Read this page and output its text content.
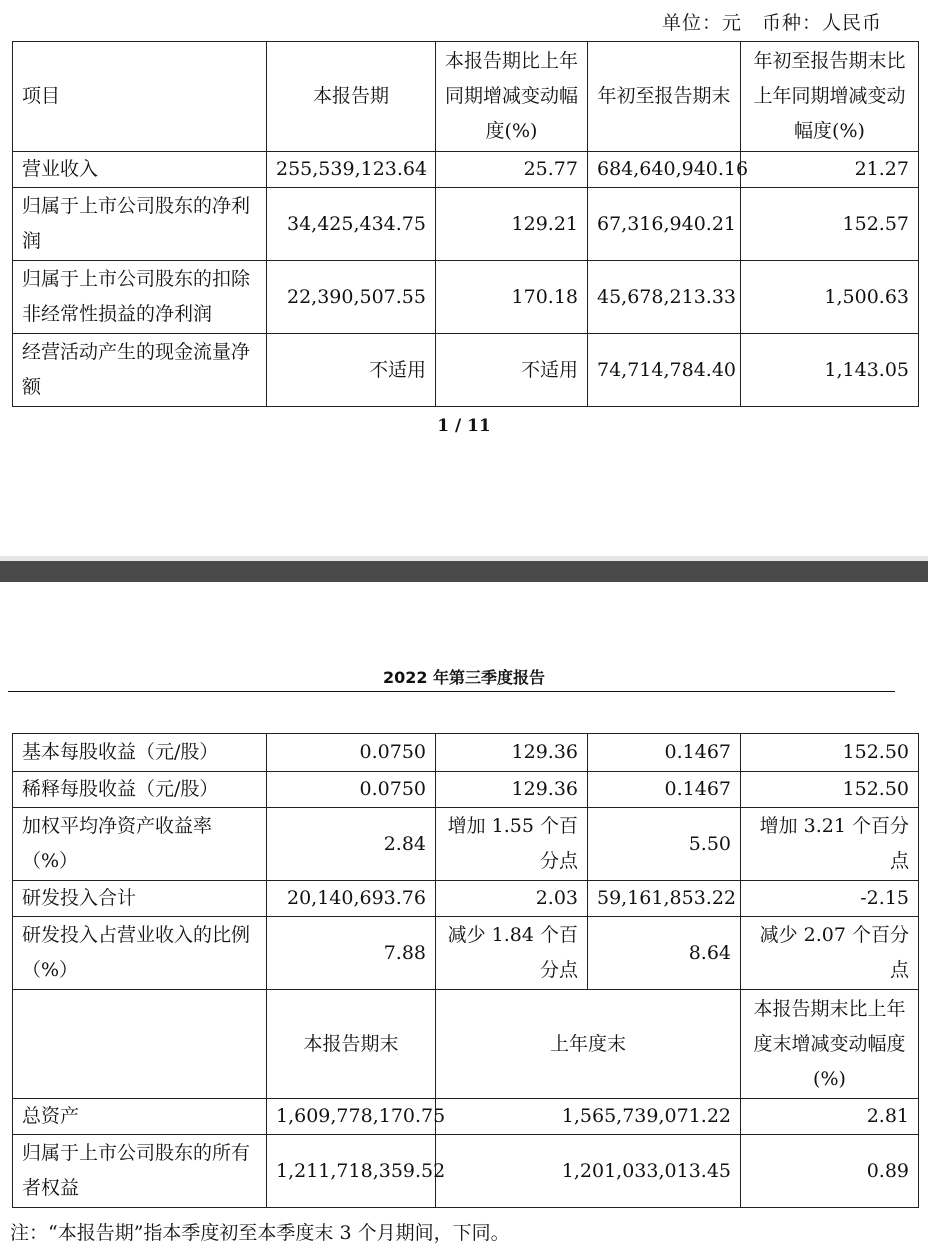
单位：元　币种：人民币
项目	本报告期	本报告期比上年同期增减变动幅度(%)	年初至报告期末	年初至报告期末比上年同期增减变动幅度(%)
营业收入	255,539,123.64	25.77	684,640,940.16	21.27
归属于上市公司股东的净利润	34,425,434.75	129.21	67,316,940.21	152.57
归属于上市公司股东的扣除非经常性损益的净利润	22,390,507.55	170.18	45,678,213.33	1,500.63
经营活动产生的现金流量净额	不适用	不适用	74,714,784.40	1,143.05
1 / 11
2022 年第三季度报告
基本每股收益（元/股）	0.0750	129.36	0.1467	152.50
稀释每股收益（元/股）	0.0750	129.36	0.1467	152.50
加权平均净资产收益率（%）	2.84	增加 1.55 个百分点	5.50	增加 3.21 个百分点
研发投入合计	20,140,693.76	2.03	59,161,853.22	-2.15
研发投入占营业收入的比例（%）	7.88	减少 1.84 个百分点	8.64	减少 2.07 个百分点
	本报告期末	上年度末		本报告期末比上年度末增减变动幅度(%)
总资产	1,609,778,170.75	1,565,739,071.22		2.81
归属于上市公司股东的所有者权益	1,211,718,359.52	1,201,033,013.45		0.89
注：“本报告期”指本季度初至本季度末 3 个月期间，下同。
